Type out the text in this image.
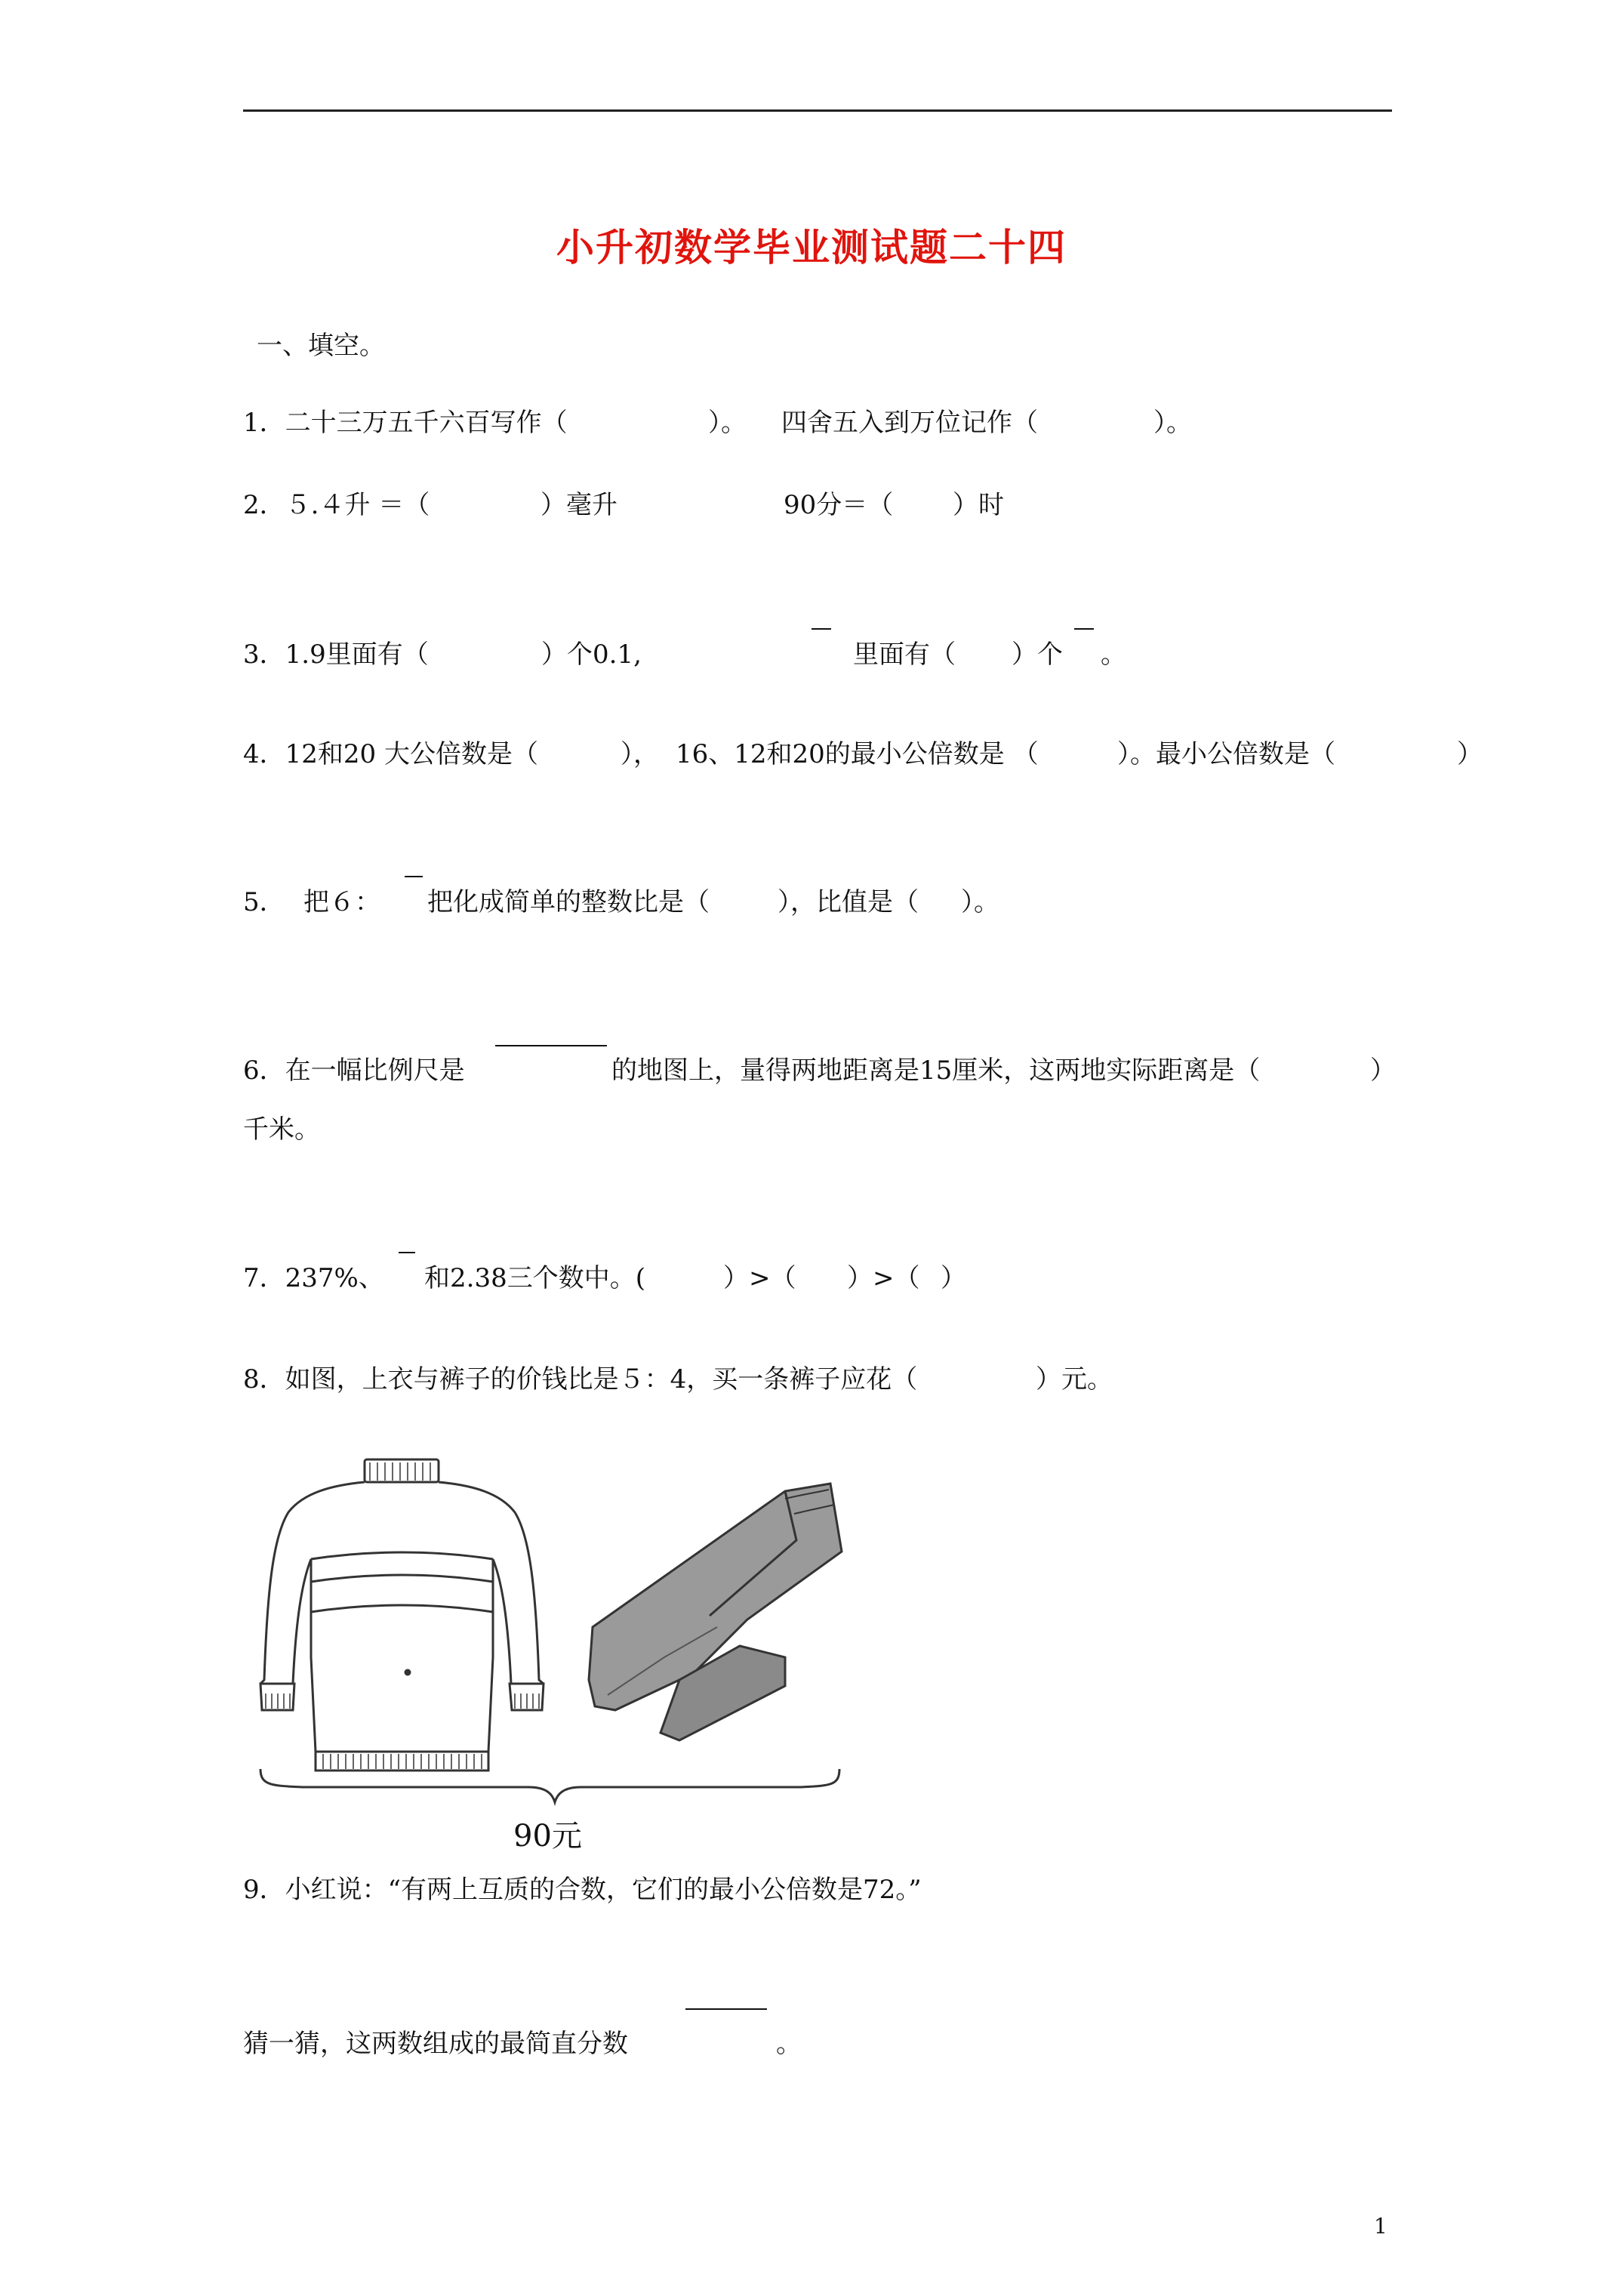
小升初数学毕业测试题二十四
一、填空。
1．二十三万五千六百写作（	）。 四舍五入到万位记作（	）。
2．５.４升 ＝（	）毫升	90分＝（ ）时
3．1.9里面有（	）个0.1,	里面有（ ）个 。
4．12和20 大公倍数是（	）， 16、12和20的最小公倍数是 （	）。最小公倍数是（	）
5． 把６： 把化成简单的整数比是（	），比值是（ ）。
6．在一幅比例尺是	的地图上，量得两地距离是15厘米，这两地实际距离是（	）
千米。
7．237%、 和2.38三个数中。(	）>（ ）>（ ）
8．如图，上衣与裤子的价钱比是５：4，买一条裤子应花（	）元。
90元
9．小红说：“有两上互质的合数，它们的最小公倍数是72。”
猜一猜，这两数组成的最简直分数	。
1
